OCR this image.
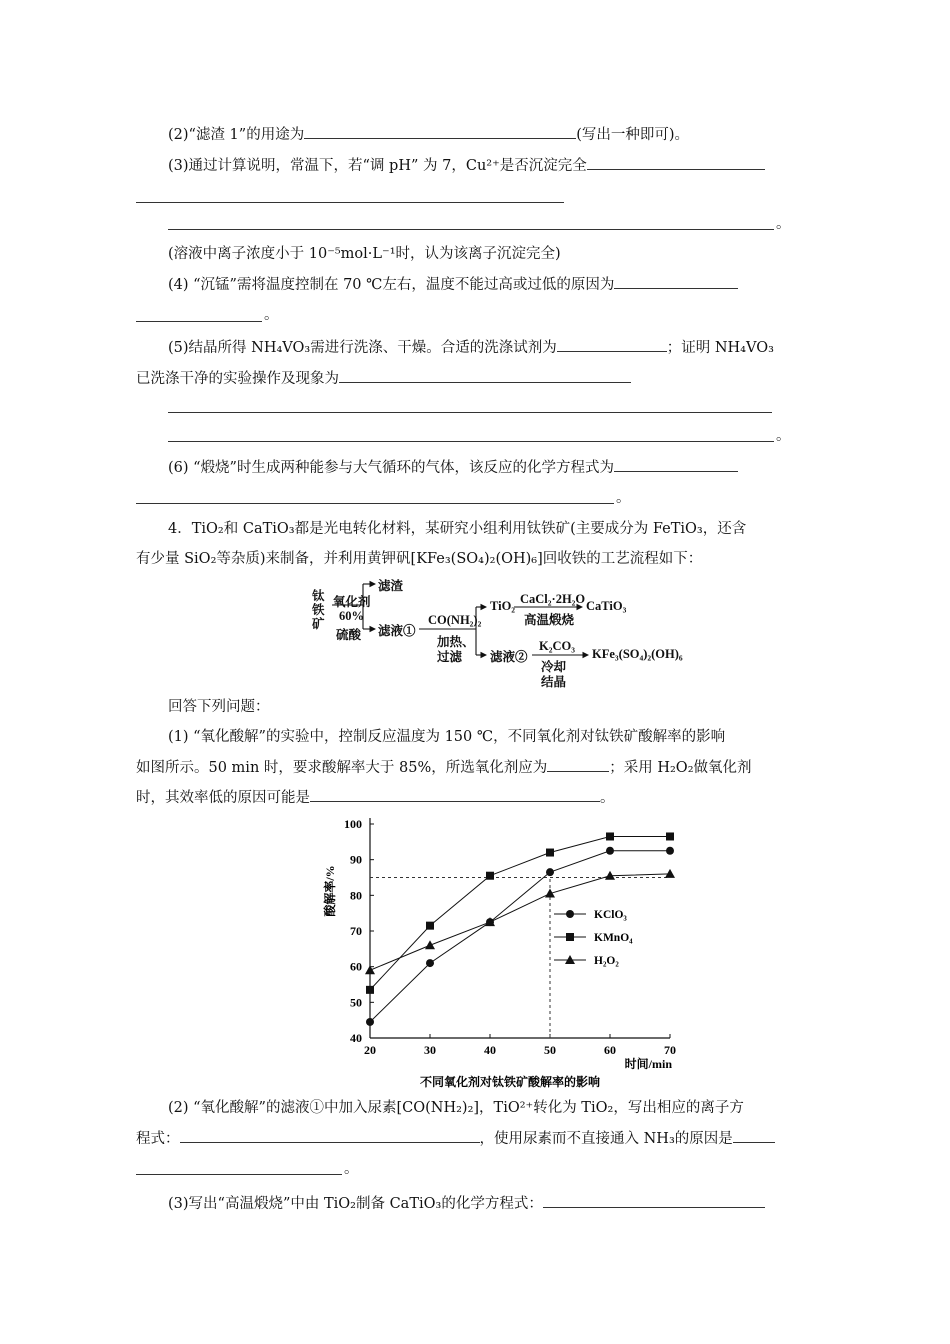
(2)“滤渣 1”的用途为	(写出一种即可)。
(3)通过计算说明，常温下，若“调 pH” 为 7，Cu²⁺是否沉淀完全
。
(溶液中离子浓度小于 10⁻⁵mol·L⁻¹时，认为该离子沉淀完全)
(4) “沉锰”需将温度控制在 70 ℃左右，温度不能过高或过低的原因为
。
(5)结晶所得 NH₄VO₃需进行洗涤、干燥。合适的洗涤试剂为	；证明 NH₄VO₃
已洗涤干净的实验操作及现象为
。
(6) “煅烧”时生成两种能参与大气循环的气体，该反应的化学方程式为
。
4．TiO₂和 CaTiO₃都是光电转化材料，某研究小组利用钛铁矿(主要成分为 FeTiO₃，还含
有少量 SiO₂等杂质)来制备，并利用黄钾矾[KFe₃(SO₄)₂(OH)₆]回收铁的工艺流程如下：
钛铁矿
氧化剂
60%
硫酸
滤渣
滤液①
CO(NH₂)₂
加热、
过滤
TiO₂ CaCl₂·2H₂O
高温煅烧
CaTiO₃
滤液②
K₂CO₃
冷却
结晶
KFe₃(SO₄)₂(OH)₆
回答下列问题：
(1) “氧化酸解”的实验中，控制反应温度为 150 ℃，不同氧化剂对钛铁矿酸解率的影响
如图所示。50 min 时，要求酸解率大于 85%，所选氧化剂应为	；采用 H₂O₂做氧化剂
时，其效率低的原因可能是	。
40
50
60
70
80
90
100
20	30	40	50	60	70
时间/min
酸解率/%
不同氧化剂对钛铁矿酸解率的影响
KClO₃
KMnO₄
H₂O₂
(2) “氧化酸解”的滤液①中加入尿素[CO(NH₂)₂]，TiO²⁺转化为 TiO₂，写出相应的离子方
程式：	，使用尿素而不直接通入 NH₃的原因是
。
(3)写出“高温煅烧”中由 TiO₂制备 CaTiO₃的化学方程式：
